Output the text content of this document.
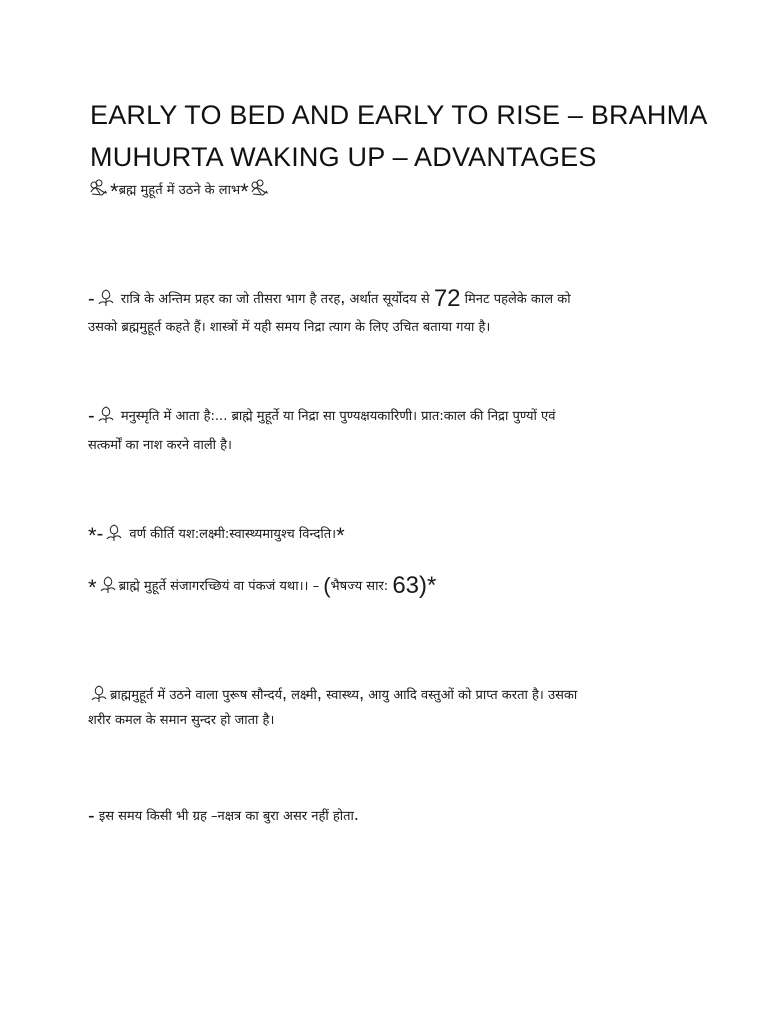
EARLY TO BED AND EARLY TO RISE – BRAHMA
MUHURTA WAKING UP – ADVANTAGES
*ब्रह्म मुहूर्त में उठने के लाभ*
- रात्रि के अन्तिम प्रहर का जो तीसरा भाग है तरह, अर्थात सूर्योदय से 72 मिनट पहलेके काल को
उसको ब्रह्ममुहूर्त कहते हैं। शास्त्रों में यही समय निद्रा त्याग के लिए उचित बताया गया है।
- मनुस्मृति में आता है:... ब्राह्मे मुहूर्ते या निद्रा सा पुण्यक्षयकारिणी। प्रात:काल की निद्रा पुण्यों एवं
सत्कर्मों का नाश करने वाली है।
*- वर्ण कीर्ति यश:लक्ष्मी:स्वास्थ्यमायुश्च विन्दति।*
* ब्राह्मे मुहूर्ते संजागरच्छियं वा पंकजं यथा।। – (भैषज्य सार: 63)*
ब्राह्ममुहूर्त में उठने वाला पुरूष सौन्दर्य, लक्ष्मी, स्वास्थ्य, आयु आदि वस्तुओं को प्राप्त करता है। उसका
शरीर कमल के समान सुन्दर हो जाता है।
- इस समय किसी भी ग्रह –नक्षत्र का बुरा असर नहीं होता.
